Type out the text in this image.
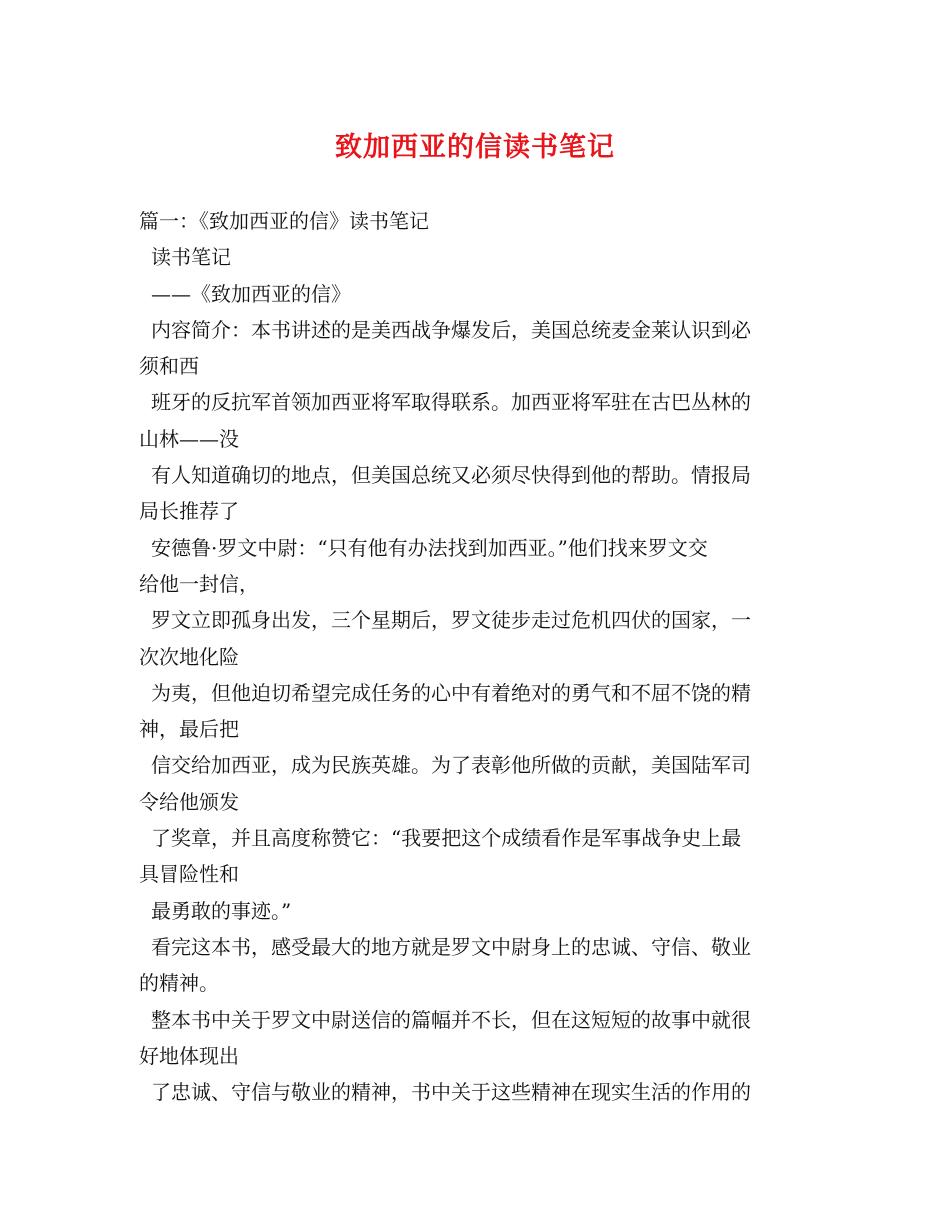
致加西亚的信读书笔记
篇一：《致加西亚的信》读书笔记
读书笔记
——《致加西亚的信》
内容简介：本书讲述的是美西战争爆发后，美国总统麦金莱认识到必
须和西
班牙的反抗军首领加西亚将军取得联系。加西亚将军驻在古巴丛林的
山林——没
有人知道确切的地点，但美国总统又必须尽快得到他的帮助。情报局
局长推荐了
安德鲁·罗文中尉：“只有他有办法找到加西亚。”他们找来罗文交
给他一封信，
罗文立即孤身出发，三个星期后，罗文徒步走过危机四伏的国家，一
次次地化险
为夷，但他迫切希望完成任务的心中有着绝对的勇气和不屈不饶的精
神，最后把
信交给加西亚，成为民族英雄。为了表彰他所做的贡献，美国陆军司
令给他颁发
了奖章，并且高度称赞它：“我要把这个成绩看作是军事战争史上最
具冒险性和
最勇敢的事迹。”
看完这本书，感受最大的地方就是罗文中尉身上的忠诚、守信、敬业
的精神。
整本书中关于罗文中尉送信的篇幅并不长，但在这短短的故事中就很
好地体现出
了忠诚、守信与敬业的精神，书中关于这些精神在现实生活的作用的
